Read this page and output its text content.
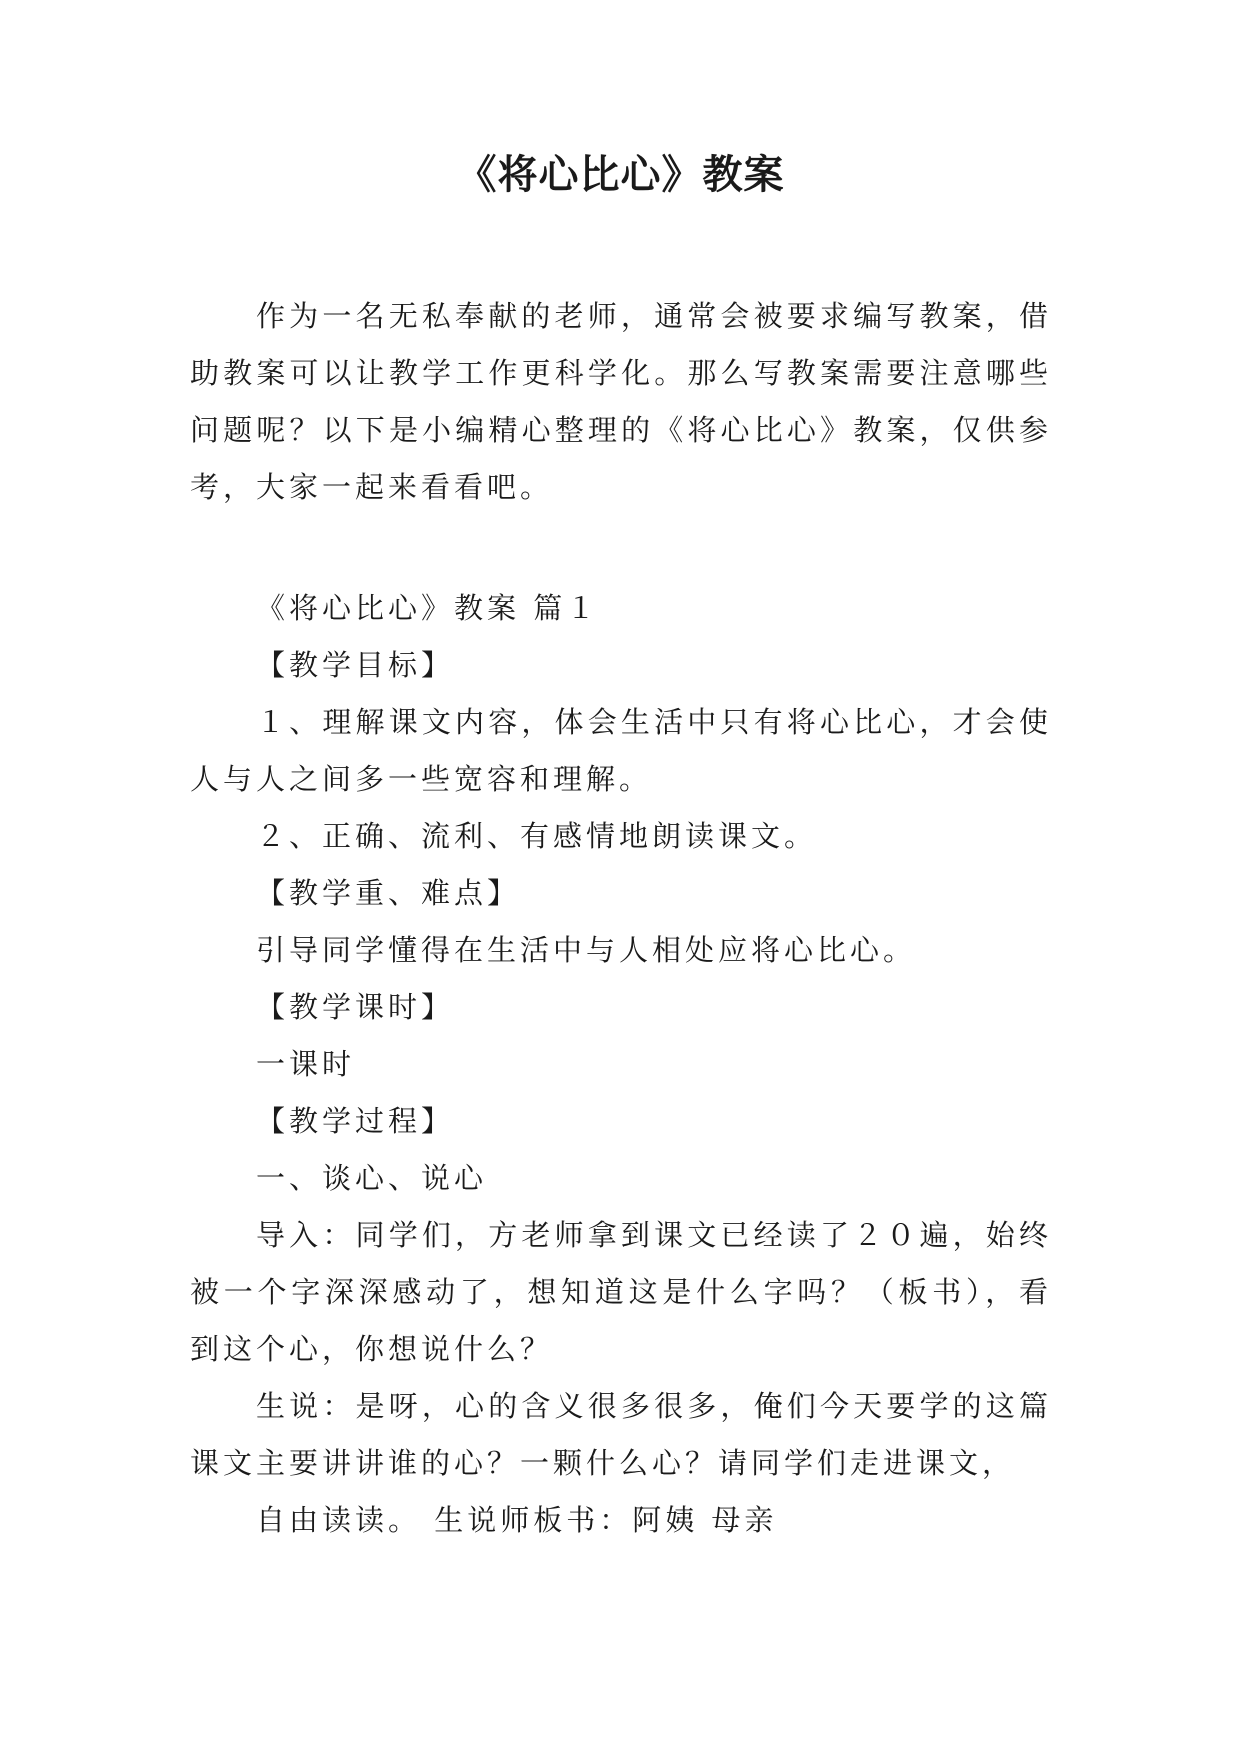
《将心比心》教案

作为一名无私奉献的老师，通常会被要求编写教案，借助教案可以让教学工作更科学化。那么写教案需要注意哪些问题呢？以下是小编精心整理的《将心比心》教案，仅供参考，大家一起来看看吧。

《将心比心》教案 篇１

【教学目标】

１、理解课文内容，体会生活中只有将心比心，才会使人与人之间多一些宽容和理解。

２、正确、流利、有感情地朗读课文。

【教学重、难点】

引导同学懂得在生活中与人相处应将心比心。

【教学课时】

一课时

【教学过程】

一、谈心、说心

导入：同学们，方老师拿到课文已经读了２０遍，始终被一个字深深感动了，想知道这是什么字吗？（板书），看到这个心，你想说什么？

生说：是呀，心的含义很多很多，俺们今天要学的这篇课文主要讲讲谁的心？一颗什么心？请同学们走进课文，

自由读读。 生说师板书：阿姨 母亲
